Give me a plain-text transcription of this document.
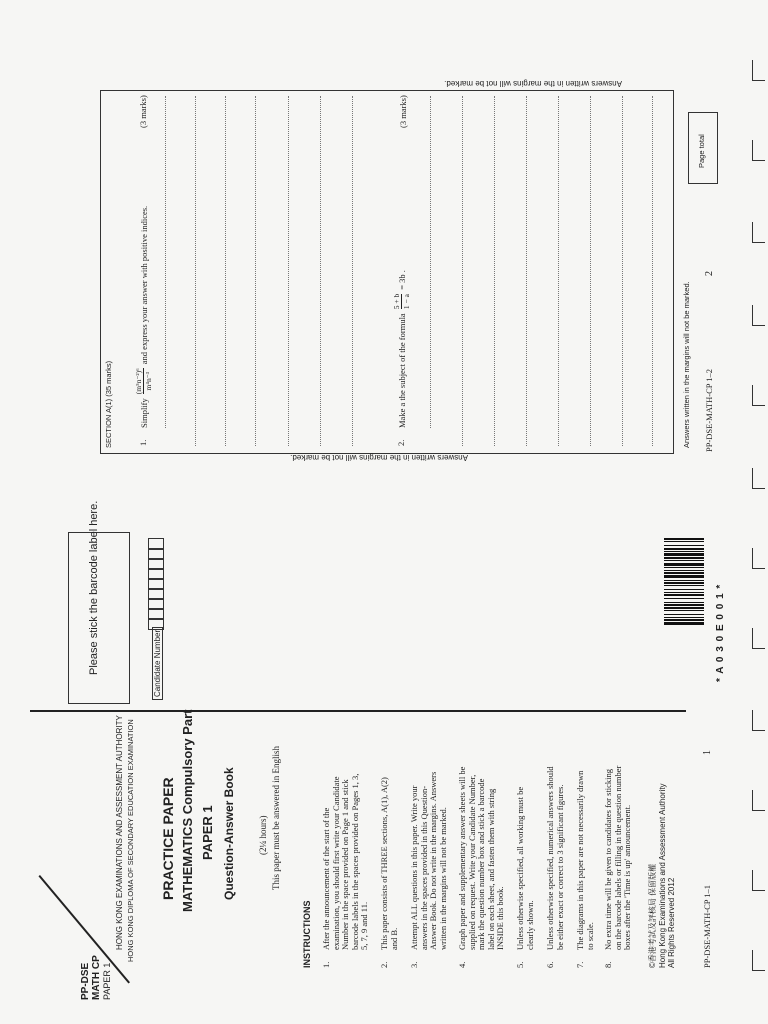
Answers written in the margins will not be marked.
PP-DSE MATH CP PAPER 1
HONG KONG EXAMINATIONS AND ASSESSMENT AUTHORITY HONG KONG DIPLOMA OF SECONDARY EDUCATION EXAMINATION PRACTICE PAPER MATHEMATICS Compulsory Part PAPER 1 Question-Answer Book (2¼ hours) This paper must be answered in English
INSTRUCTIONS 1.
After the announcement of the start of the examination, you should first write your Candidate Number in the space provided on Page 1 and stick barcode labels in the spaces provided on Pages 1, 3, 5, 7, 9 and 11.
2.
This paper consists of THREE sections, A(1), A(2) and B.
3.
Attempt ALL questions in this paper. Write your answers in the spaces provided in this Question- Answer Book. Do not write in the margins. Answers written in the margins will not be marked.
4.
Graph paper and supplementary answer sheets will be supplied on request. Write your Candidate Number, mark the question number box and stick a barcode label on each sheet, and fasten them with string INSIDE this book.
5.
Unless otherwise specified, all working must be clearly shown.
6.
Unless otherwise specified, numerical answers should be either exact or correct to 3 significant figures.
7.
The diagrams in this paper are not necessarily drawn to scale.
8.
No extra time will be given to candidates for sticking on the barcode labels or filling in the question number boxes after the 'Time is up' announcement. ©香港考試及評核局 保留版權 Hong Kong Examinations and Assessment Authority All Rights Reserved 2012	PP-DSE-MATH-CP 1–1
1
Please stick the barcode label here.	Candidate Number	* A 0 3 0 E 0 0 1 *
SECTION A(1) (35 marks)	1.
Simplify
(m⁵n⁻²)⁶ m⁴n⁻³
and express your answer with positive indices.
(3 marks)
2.
Make a the subject of the formula
5 + b 1 − a
= 3b .
(3 marks)
Answers written in the margins will not be marked.
Answers written in the margins will not be marked.
2
PP-DSE-MATH-CP 1–2
Page total
